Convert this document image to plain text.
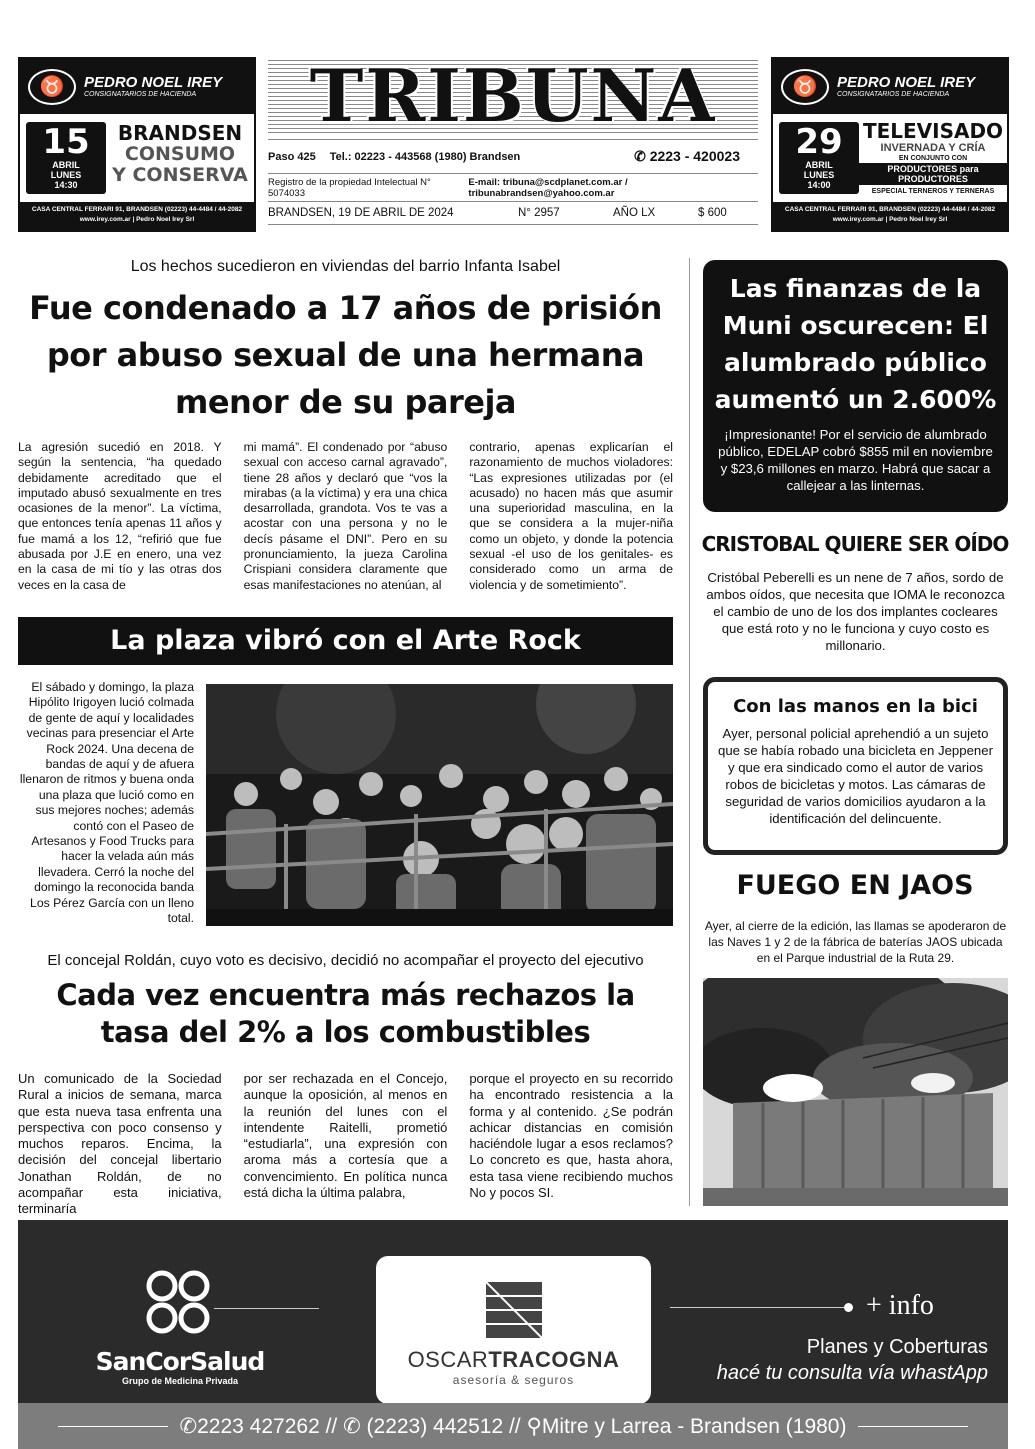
♉	PEDRO NOEL IREY
CONSIGNATARIOS DE HACIENDA
15
ABRIL
LUNES
14:30
BRANDSEN
CONSUMO
Y CONSERVA
CASA CENTRAL FERRARI 91, BRANDSEN (02223) 44-4484 / 44-2082
www.irey.com.ar | Pedro Noel Irey Srl
TRIBUNA
Paso 425 Tel.: 02223 - 443568 (1980) Brandsen	✆ 2223 - 420023
Registro de la propiedad Intelectual N° 5074033
E-mail: tribuna@scdplanet.com.ar / tribunabrandsen@yahoo.com.ar
BRANDSEN, 19 DE ABRIL DE 2024	N° 2957	AÑO LX	$ 600
♉	PEDRO NOEL IREY
CONSIGNATARIOS DE HACIENDA
29
ABRIL
LUNES
14:00
TELEVISADO
INVERNADA Y CRÍA
EN CONJUNTO CON
PRODUCTORES para PRODUCTORES
ESPECIAL TERNEROS Y TERNERAS
CASA CENTRAL FERRARI 91, BRANDSEN (02223) 44-4484 / 44-2082
www.irey.com.ar | Pedro Noel Irey Srl
Los hechos sucedieron en viviendas del barrio Infanta Isabel
Fue condenado a 17 años de prisión por abuso sexual de una hermana menor de su pareja

La agresión sucedió en 2018. Y según la sentencia, “ha quedado debidamente acreditado que el imputado abusó sexualmente en tres ocasiones de la menor”. La víctima, que entonces tenía apenas 11 años y fue mamá a los 12, “refirió que fue abusada por J.E en enero, una vez en la casa de mi tío y las otras dos veces en la casa de

mi mamá”. El condenado por “abuso sexual con acceso carnal agravado”, tiene 28 años y declaró que “vos la mirabas (a la víctima) y era una chica desarrollada, grandota. Vos te vas a acostar con una persona y no le decís pásame el DNI”. Pero en su pronunciamiento, la jueza Carolina Crispiani considera claramente que esas manifestaciones no atenúan, al

contrario, apenas explicarían el razonamiento de muchos violadores: “Las expresiones utilizadas por (el acusado) no hacen más que asumir una superioridad masculina, en la que se considera a la mujer-niña como un objeto, y donde la potencia sexual -el uso de los genitales- es considerado como un arma de violencia y de sometimiento”.

La plaza vibró con el Arte Rock
El sábado y domingo, la plaza Hipólito Irigoyen lució colmada de gente de aquí y localidades vecinas para presenciar el Arte Rock 2024. Una decena de bandas de aquí y de afuera llenaron de ritmos y buena onda una plaza que lució como en sus mejores noches; además contó con el Paseo de Artesanos y Food Trucks para hacer la velada aún más llevadera. Cerró la noche del domingo la reconocida banda Los Pérez García con un lleno total.
El concejal Roldán, cuyo voto es decisivo, decidió no acompañar el proyecto del ejecutivo
Cada vez encuentra más rechazos la tasa del 2% a los combustibles

Un comunicado de la Sociedad Rural a inicios de semana, marca que esta nueva tasa enfrenta una perspectiva con poco consenso y muchos reparos. Encima, la decisión del concejal libertario Jonathan Roldán, de no acompañar esta iniciativa, terminaría

por ser rechazada en el Concejo, aunque la oposición, al menos en la reunión del lunes con el intendente Raitelli, prometió “estudiarla”, una expresión con aroma más a cortesía que a convencimiento. En política nunca está dicha la última palabra,

porque el proyecto en su recorrido ha encontrado resistencia a la forma y al contenido. ¿Se podrán achicar distancias en comisión haciéndole lugar a esos reclamos? Lo concreto es que, hasta ahora, esta tasa viene recibiendo muchos No y pocos SI.

Las finanzas de la Muni oscurecen: El alumbrado público aumentó un 2.600%
¡Impresionante! Por el servicio de alumbrado público, EDELAP cobró $855 mil en noviembre y $23,6 millones en marzo. Habrá que sacar a callejear a las linternas.
CRISTOBAL QUIERE SER OÍDO
Cristóbal Peberelli es un nene de 7 años, sordo de ambos oídos, que necesita que IOMA le reconozca el cambio de uno de los dos implantes cocleares que está roto y no le funciona y cuyo costo es millonario.
Con las manos en la bici
Ayer, personal policial aprehendió a un sujeto que se había robado una bicicleta en Jeppener y que era sindicado como el autor de varios robos de bicicletas y motos. Las cámaras de seguridad de varios domicilios ayudaron a la identificación del delincuente.
FUEGO EN JAOS
Ayer, al cierre de la edición, las llamas se apoderaron de las Naves 1 y 2 de la fábrica de baterías JAOS ubicada en el Parque industrial de la Ruta 29.
SanCorSalud
Grupo de Medicina Privada
OSCARTRACOGNA
asesoría & seguros
+ info
Planes y Coberturas
hacé tu consulta vía whastApp
✆ 2223 427262 // ✆ (2223) 442512 // ⚲Mitre y Larrea - Brandsen (1980)
